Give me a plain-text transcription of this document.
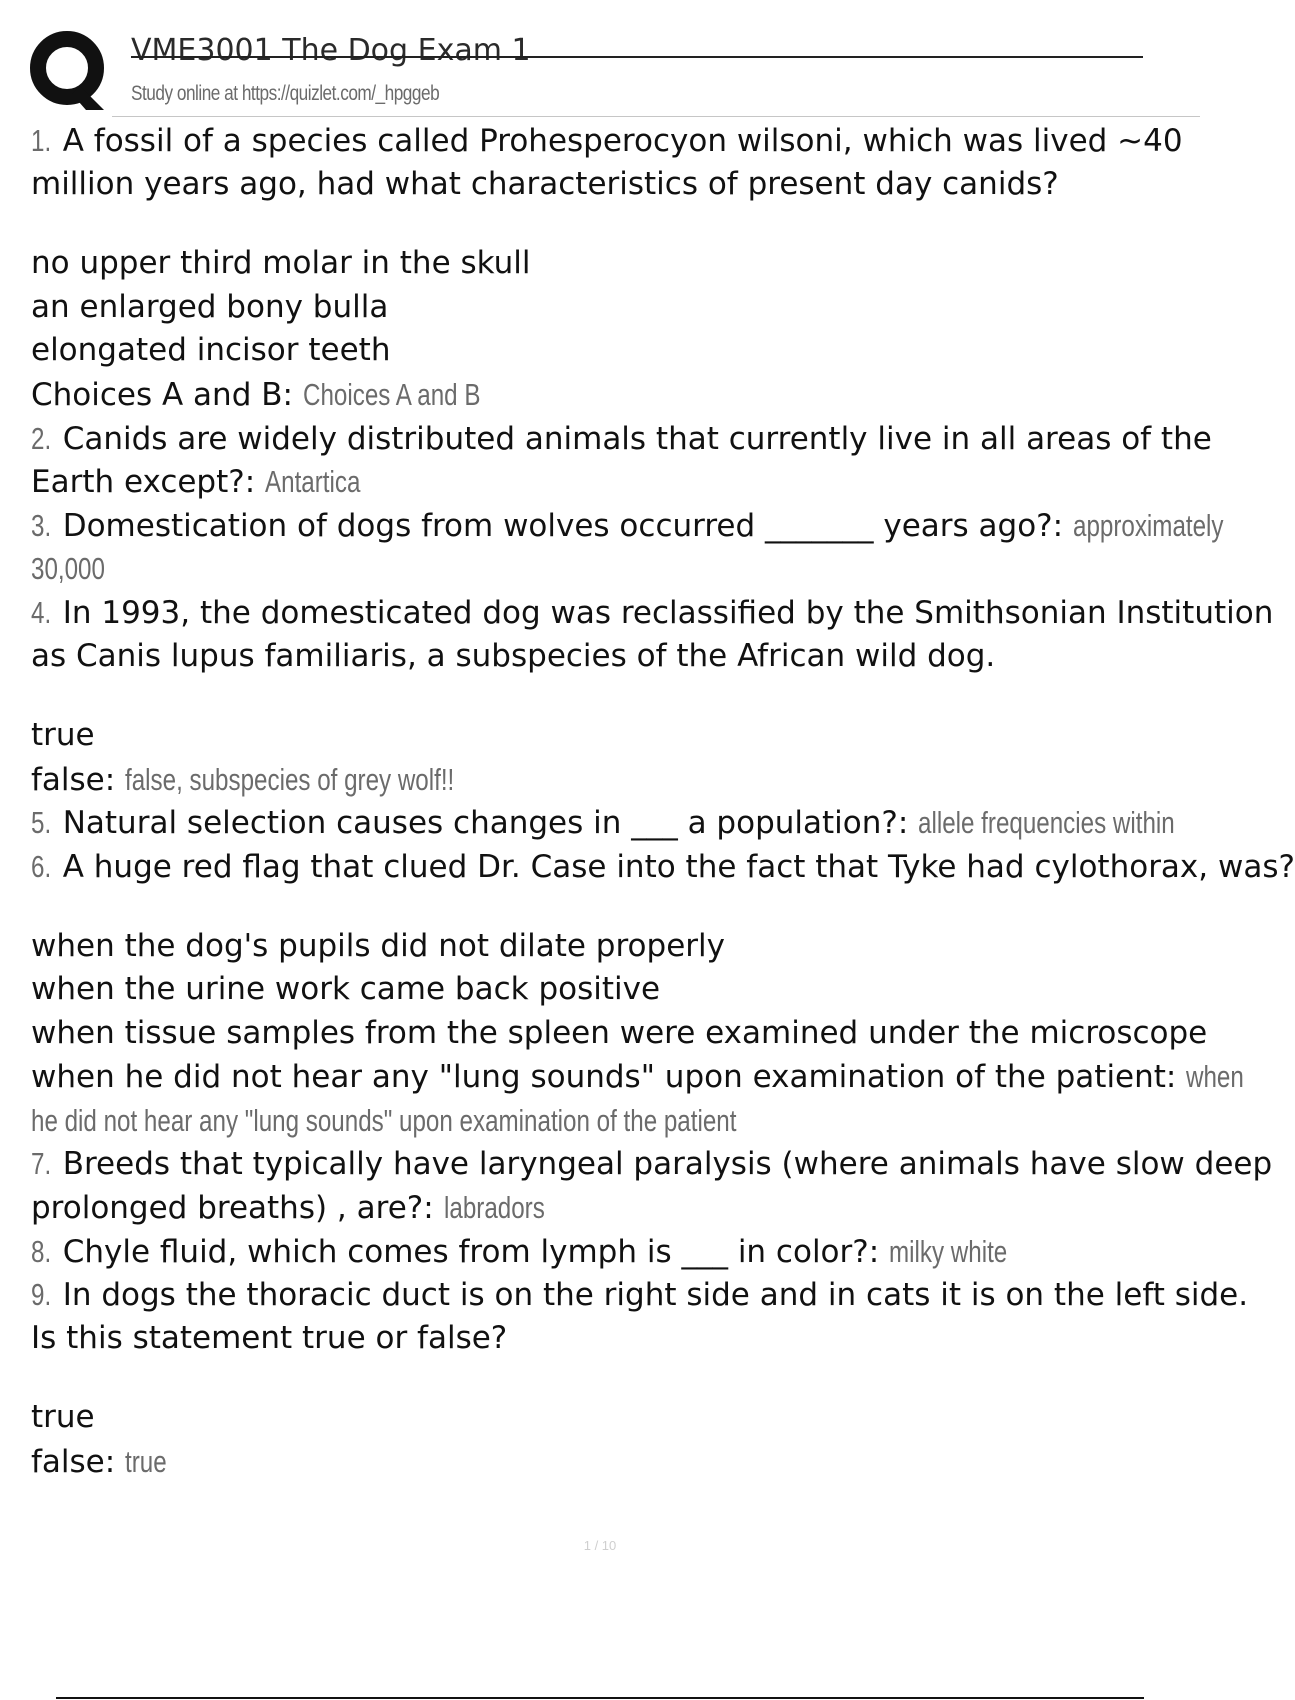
VME3001 The Dog Exam 1
Study online at https://quizlet.com/_hpggeb
1. A fossil of a species called Prohesperocyon wilsoni, which was lived ~40
million years ago, had what characteristics of present day canids?
no upper third molar in the skull
an enlarged bony bulla
elongated incisor teeth
Choices A and B: Choices A and B
2. Canids are widely distributed animals that currently live in all areas of the
Earth except?: Antartica
3. Domestication of dogs from wolves occurred _______ years ago?: approximately
30,000
4. In 1993, the domesticated dog was reclassified by the Smithsonian Institution
as Canis lupus familiaris, a subspecies of the African wild dog.
true
false: false, subspecies of grey wolf!!
5. Natural selection causes changes in ___ a population?: allele frequencies within
6. A huge red flag that clued Dr. Case into the fact that Tyke had cylothorax, was?
when the dog's pupils did not dilate properly
when the urine work came back positive
when tissue samples from the spleen were examined under the microscope
when he did not hear any "lung sounds" upon examination of the patient: when
he did not hear any "lung sounds" upon examination of the patient
7. Breeds that typically have laryngeal paralysis (where animals have slow deep
prolonged breaths) , are?: labradors
8. Chyle fluid, which comes from lymph is ___ in color?: milky white
9. In dogs the thoracic duct is on the right side and in cats it is on the left side.
Is this statement true or false?
true
false: true
1 / 10
